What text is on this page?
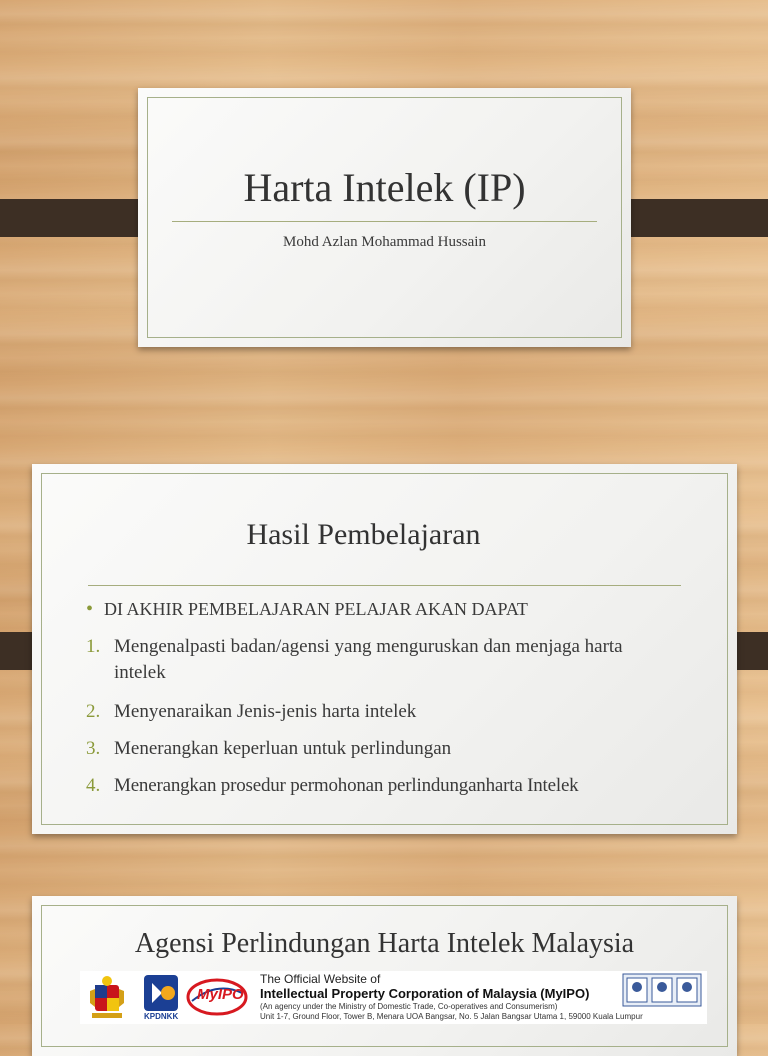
Harta Intelek (IP)
Mohd Azlan Mohammad Hussain
Hasil Pembelajaran
• DI AKHIR PEMBELAJARAN PELAJAR AKAN DAPAT
1. Mengenalpasti badan/agensi yang menguruskan dan menjaga harta intelek
2. Menyenaraikan Jenis-jenis harta intelek
3. Menerangkan keperluan untuk perlindungan
4. Menerangkan prosedur permohonan perlindunganharta Intelek
Agensi Perlindungan Harta Intelek Malaysia
KPDNKK
MyIPO
The Official Website of
Intellectual Property Corporation of Malaysia (MyIPO)
(An agency under the Ministry of Domestic Trade, Co-operatives and Consumerism)
Unit 1-7, Ground Floor, Tower B, Menara UOA Bangsar, No. 5 Jalan Bangsar Utama 1, 59000 Kuala Lumpur
